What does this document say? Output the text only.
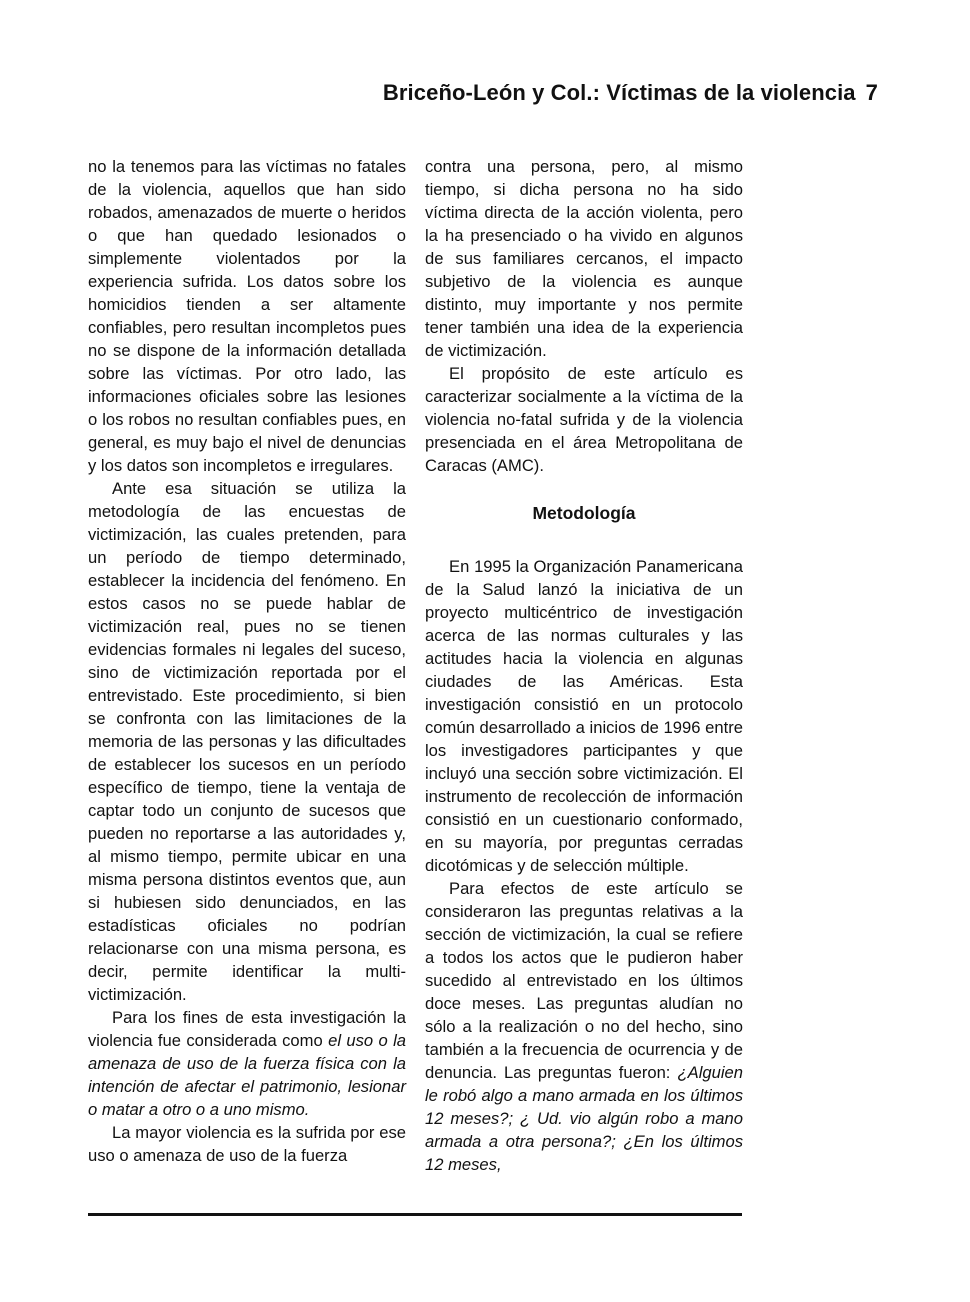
Briceño-León y Col.: Víctimas de la violencia 7

no la tenemos para las víctimas no fatales de la violencia, aquellos que han sido robados, amenazados de muerte o heridos o que han quedado lesionados o simplemente violentados por la experiencia sufrida. Los datos sobre los homicidios tienden a ser altamente confiables, pero resultan incompletos pues no se dispone de la información detallada sobre las víctimas. Por otro lado, las informaciones oficiales sobre las lesiones o los robos no resultan confiables pues, en general, es muy bajo el nivel de denuncias y los datos son incompletos e irregulares.

Ante esa situación se utiliza la metodología de las encuestas de victimización, las cuales pretenden, para un período de tiempo determinado, establecer la incidencia del fenómeno. En estos casos no se puede hablar de victimización real, pues no se tienen evidencias formales ni legales del suceso, sino de victimización reportada por el entrevistado. Este procedimiento, si bien se confronta con las limitaciones de la memoria de las personas y las dificultades de establecer los sucesos en un período específico de tiempo, tiene la ventaja de captar todo un conjunto de sucesos que pueden no reportarse a las autoridades y, al mismo tiempo, permite ubicar en una misma persona distintos eventos que, aun si hubiesen sido denunciados, en las estadísticas oficiales no podrían relacionarse con una misma persona, es decir, permite identificar la multi-victimización.

Para los fines de esta investigación la violencia fue considerada como el uso o la amenaza de uso de la fuerza física con la intención de afectar el patrimonio, lesionar o matar a otro o a uno mismo.

La mayor violencia es la sufrida por ese uso o amenaza de uso de la fuerza

contra una persona, pero, al mismo tiempo, si dicha persona no ha sido víctima directa de la acción violenta, pero la ha presenciado o ha vivido en algunos de sus familiares cercanos, el impacto subjetivo de la violencia es aunque distinto, muy importante y nos permite tener también una idea de la experiencia de victimización.

El propósito de este artículo es caracterizar socialmente a la víctima de la violencia no-fatal sufrida y de la violencia presenciada en el área Metropolitana de Caracas (AMC).

Metodología

En 1995 la Organización Panamericana de la Salud lanzó la iniciativa de un proyecto multicéntrico de investigación acerca de las normas culturales y las actitudes hacia la violencia en algunas ciudades de las Américas. Esta investigación consistió en un protocolo común desarrollado a inicios de 1996 entre los investigadores participantes y que incluyó una sección sobre victimización. El instrumento de recolección de información consistió en un cuestionario conformado, en su mayoría, por preguntas cerradas dicotómicas y de selección múltiple.

Para efectos de este artículo se consideraron las preguntas relativas a la sección de victimización, la cual se refiere a todos los actos que le pudieron haber sucedido al entrevistado en los últimos doce meses. Las preguntas aludían no sólo a la realización o no del hecho, sino también a la frecuencia de ocurrencia y de denuncia. Las preguntas fueron: ¿Alguien le robó algo a mano armada en los últimos 12 meses?; ¿ Ud. vio algún robo a mano armada a otra persona?; ¿En los últimos 12 meses,
